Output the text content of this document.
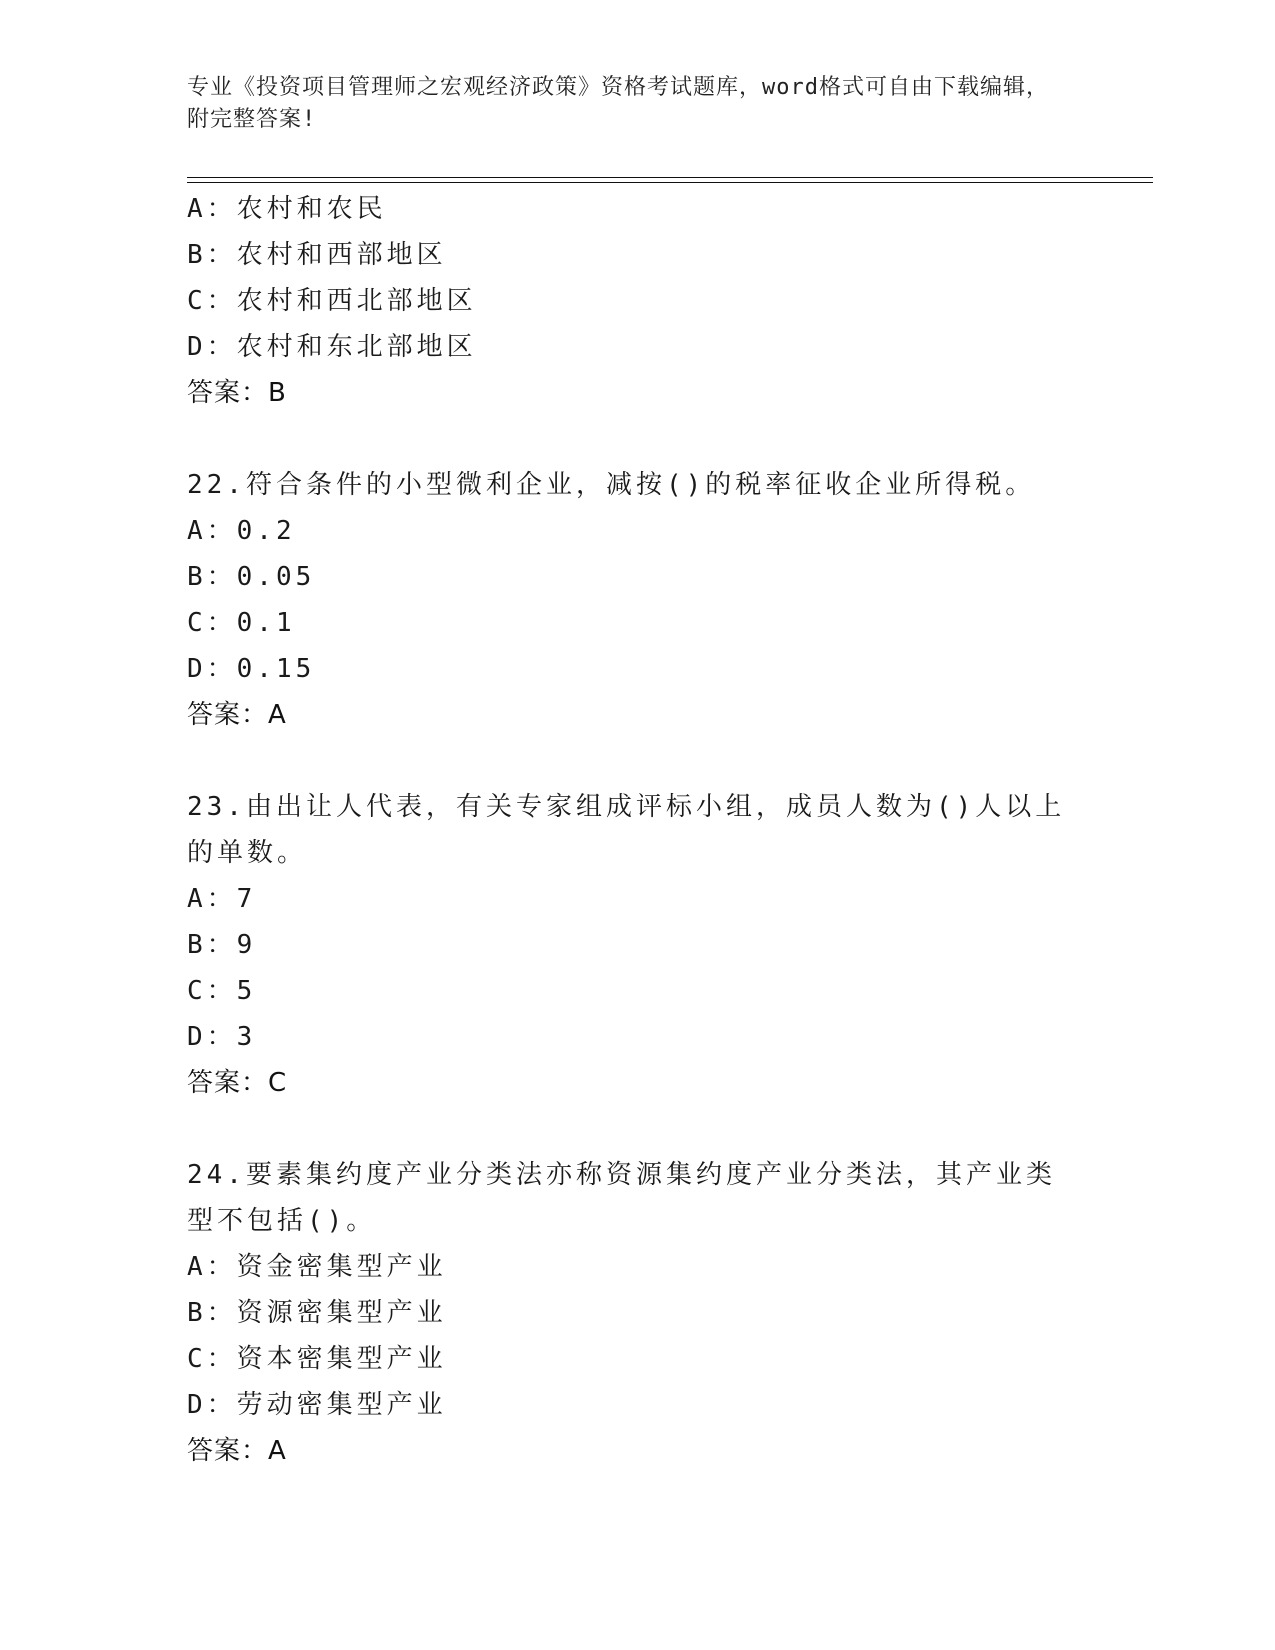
专业《投资项目管理师之宏观经济政策》资格考试题库，word格式可自由下载编辑，附完整答案!
A：农村和农民
B：农村和西部地区
C：农村和西北部地区
D：农村和东北部地区
答案：B
22.符合条件的小型微利企业，减按()的税率征收企业所得税。
A：0.2
B：0.05
C：0.1
D：0.15
答案：A
23.由出让人代表，有关专家组成评标小组，成员人数为()人以上的单数。
A：7
B：9
C：5
D：3
答案：C
24.要素集约度产业分类法亦称资源集约度产业分类法，其产业类型不包括()。
A：资金密集型产业
B：资源密集型产业
C：资本密集型产业
D：劳动密集型产业
答案：A
